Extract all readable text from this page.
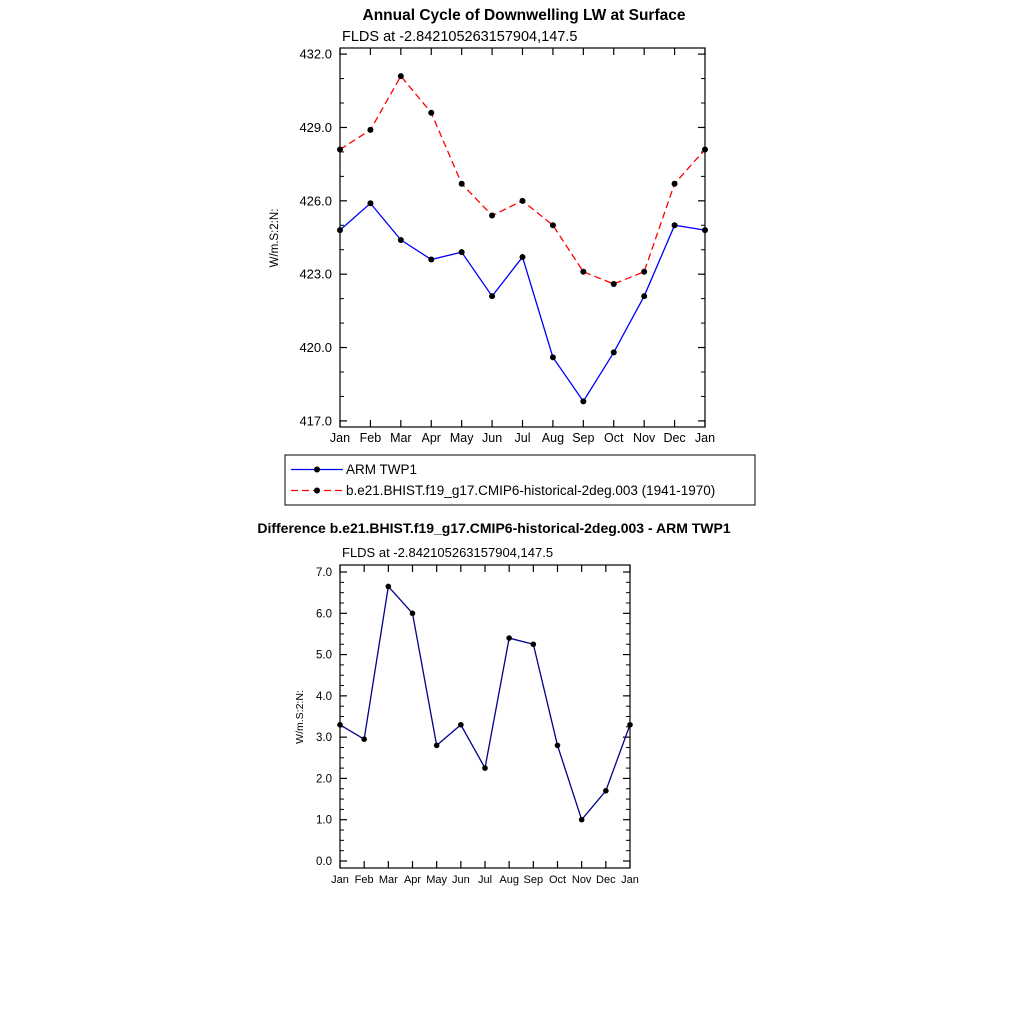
Annual Cycle of Downwelling LW at Surface
FLDS at -2.842105263157904,147.5
W/m.S:2:N:
417.0
420.0
423.0
426.0
429.0
432.0
Jan Feb Mar Apr May Jun Jul Aug Sep Oct Nov Dec Jan
ARM TWP1
b.e21.BHIST.f19_g17.CMIP6-historical-2deg.003 (1941-1970)
Difference b.e21.BHIST.f19_g17.CMIP6-historical-2deg.003 - ARM TWP1
FLDS at -2.842105263157904,147.5
W/m.S:2:N:
0.0
1.0
2.0
3.0
4.0
5.0
6.0
7.0
Jan Feb Mar Apr May Jun Jul Aug Sep Oct Nov Dec Jan
